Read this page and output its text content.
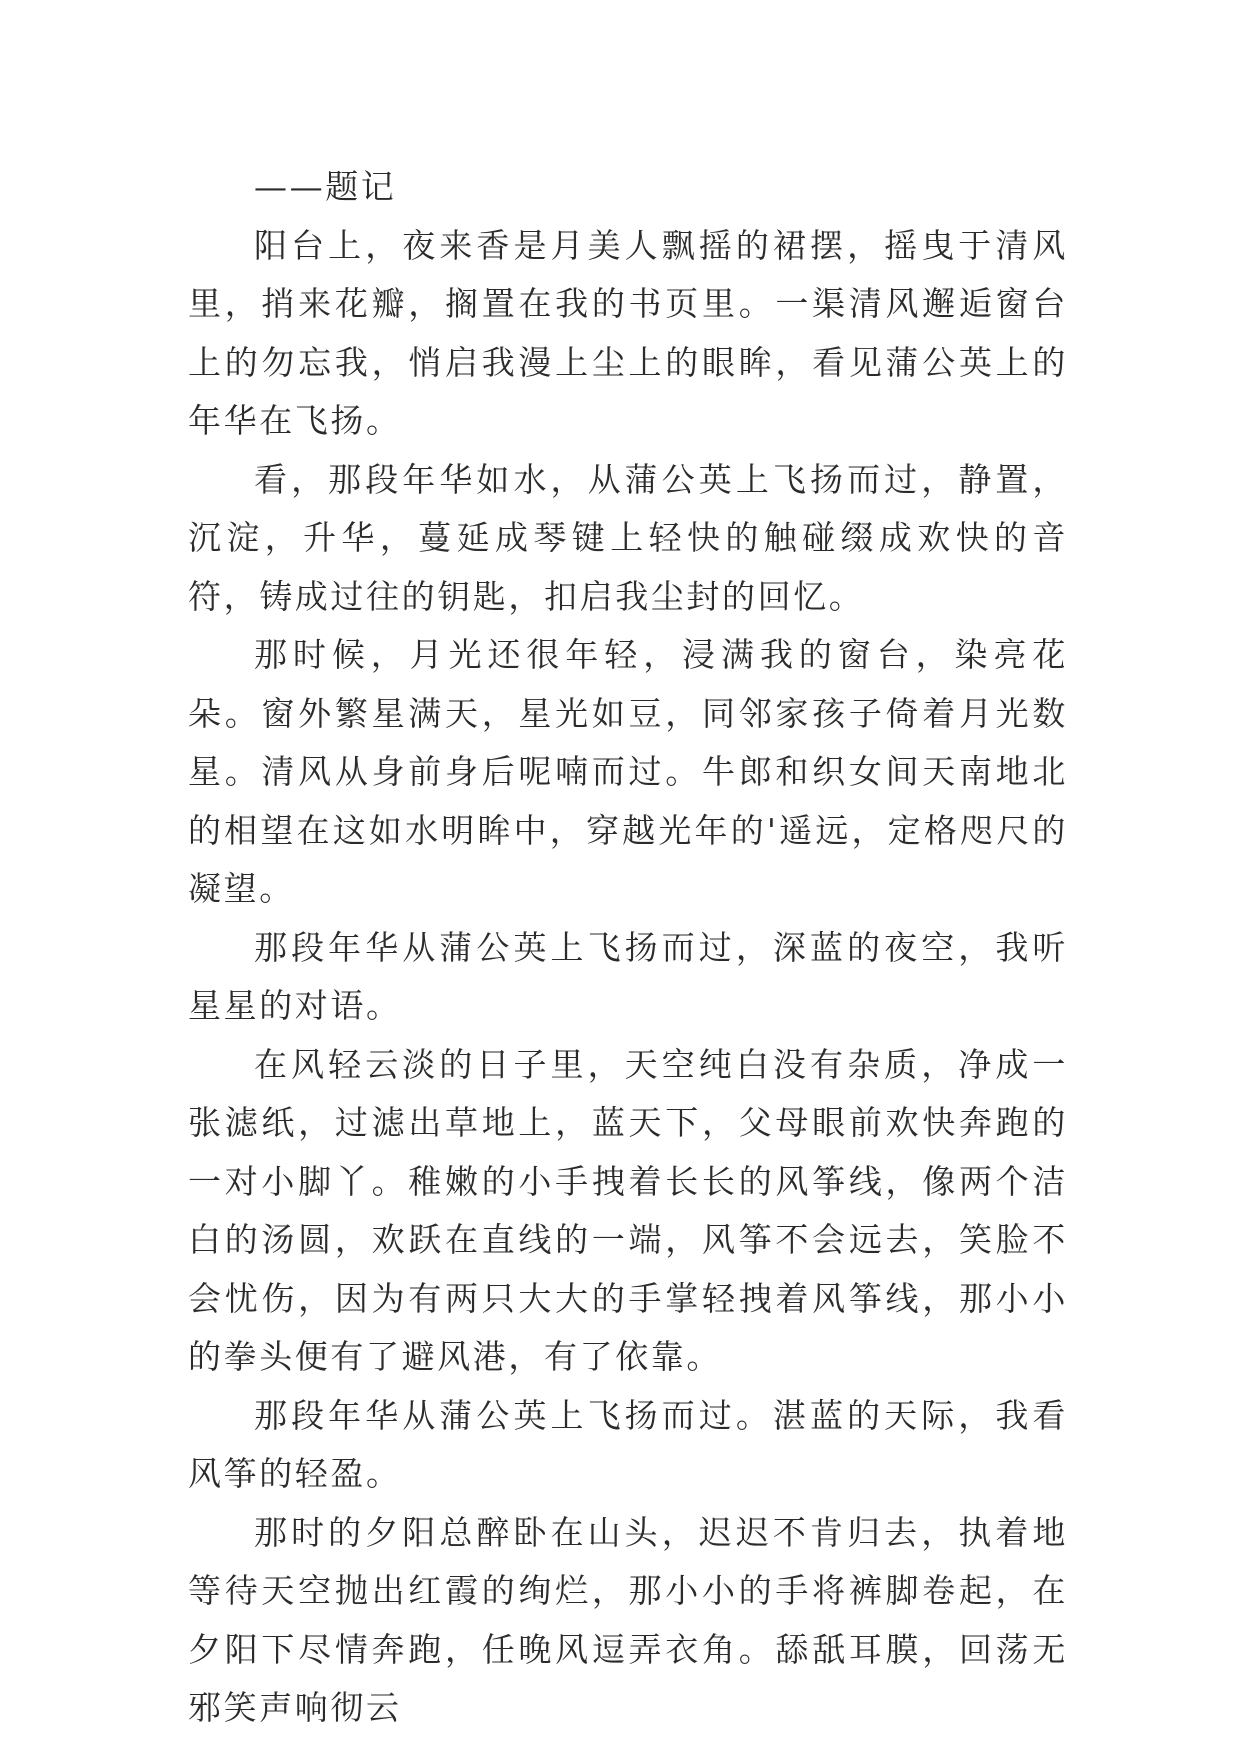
——题记

阳台上，夜来香是月美人飘摇的裙摆，摇曳于清风里，捎来花瓣，搁置在我的书页里。一渠清风邂逅窗台上的勿忘我，悄启我漫上尘上的眼眸，看见蒲公英上的年华在飞扬。

看，那段年华如水，从蒲公英上飞扬而过，静置，沉淀，升华，蔓延成琴键上轻快的触碰缀成欢快的音符，铸成过往的钥匙，扣启我尘封的回忆。

那时候，月光还很年轻，浸满我的窗台，染亮花朵。窗外繁星满天，星光如豆，同邻家孩子倚着月光数星。清风从身前身后呢喃而过。牛郎和织女间天南地北的相望在这如水明眸中，穿越光年的'遥远，定格咫尺的凝望。

那段年华从蒲公英上飞扬而过，深蓝的夜空，我听星星的对语。

在风轻云淡的日子里，天空纯白没有杂质，净成一张滤纸，过滤出草地上，蓝天下，父母眼前欢快奔跑的一对小脚丫。稚嫩的小手拽着长长的风筝线，像两个洁白的汤圆，欢跃在直线的一端，风筝不会远去，笑脸不会忧伤，因为有两只大大的手掌轻拽着风筝线，那小小的拳头便有了避风港，有了依靠。

那段年华从蒲公英上飞扬而过。湛蓝的天际，我看风筝的轻盈。

那时的夕阳总醉卧在山头，迟迟不肯归去，执着地等待天空抛出红霞的绚烂，那小小的手将裤脚卷起，在夕阳下尽情奔跑，任晚风逗弄衣角。舔舐耳膜，回荡无邪笑声响彻云
